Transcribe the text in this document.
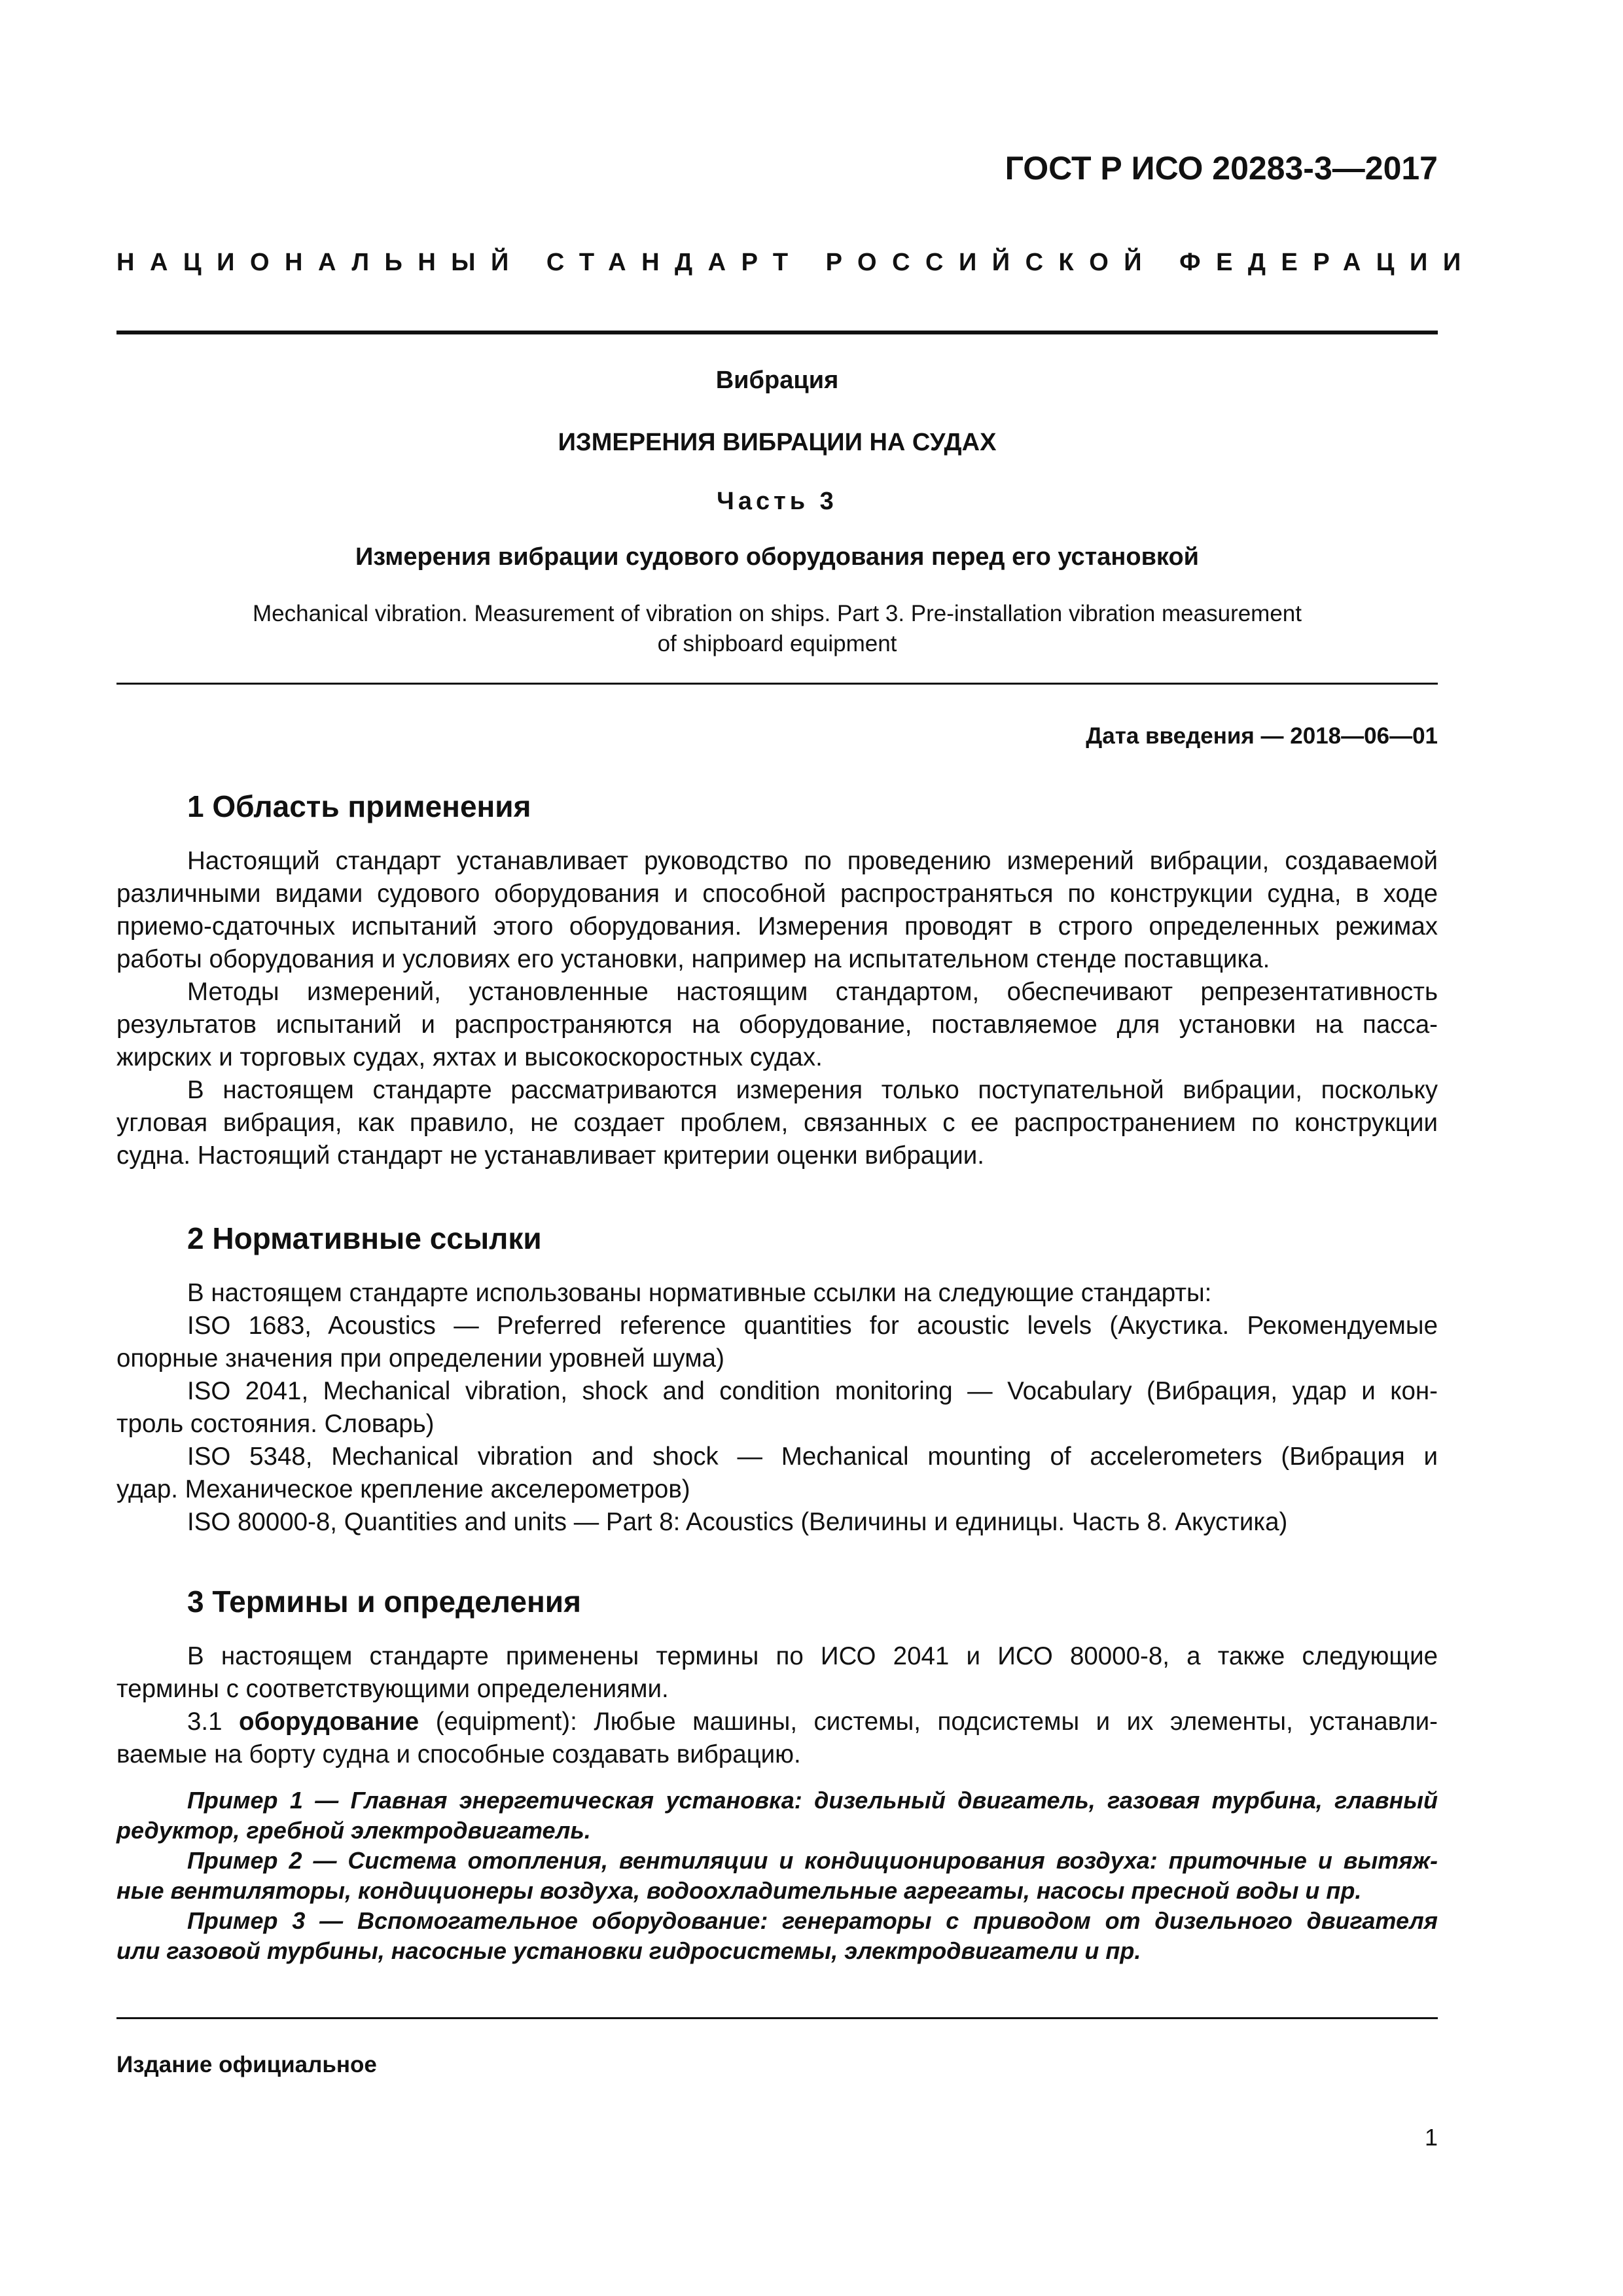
ГОСТ Р ИСО 20283-3—2017
НАЦИОНАЛЬНЫЙ СТАНДАРТ РОССИЙСКОЙ ФЕДЕРАЦИИ
Вибрация
ИЗМЕРЕНИЯ ВИБРАЦИИ НА СУДАХ
Часть 3
Измерения вибрации судового оборудования перед его установкой
Mechanical vibration. Measurement of vibration on ships. Part 3. Pre-installation vibration measurement
of shipboard equipment
Дата введения — 2018—06—01
1 Область применения
Настоящий стандарт устанавливает руководство по проведению измерений вибрации, создаваемой
различными видами судового оборудования и способной распространяться по конструкции судна, в ходе
приемо-сдаточных испытаний этого оборудования. Измерения проводят в строго определенных режимах
работы оборудования и условиях его установки, например на испытательном стенде поставщика.
Методы измерений, установленные настоящим стандартом, обеспечивают репрезентативность
результатов испытаний и распространяются на оборудование, поставляемое для установки на пасса-
жирских и торговых судах, яхтах и высокоскоростных судах.
В настоящем стандарте рассматриваются измерения только поступательной вибрации, поскольку
угловая вибрация, как правило, не создает проблем, связанных с ее распространением по конструкции
судна. Настоящий стандарт не устанавливает критерии оценки вибрации.
2 Нормативные ссылки
В настоящем стандарте использованы нормативные ссылки на следующие стандарты:
ISO 1683, Acoustics — Preferred reference quantities for acoustic levels (Акустика. Рекомендуемые
опорные значения при определении уровней шума)
ISO 2041, Mechanical vibration, shock and condition monitoring — Vocabulary (Вибрация, удар и кон-
троль состояния. Словарь)
ISO 5348, Mechanical vibration and shock — Mechanical mounting of accelerometers (Вибрация и
удар. Механическое крепление акселерометров)
ISO 80000-8, Quantities and units — Part 8: Acoustics (Величины и единицы. Часть 8. Акустика)
3 Термины и определения
В настоящем стандарте применены термины по ИСО 2041 и ИСО 80000-8, а также следующие
термины с соответствующими определениями.
3.1 оборудование (equipment): Любые машины, системы, подсистемы и их элементы, устанавли-
ваемые на борту судна и способные создавать вибрацию.
Пример 1 — Главная энергетическая установка: дизельный двигатель, газовая турбина, главный
редуктор, гребной электродвигатель.
Пример 2 — Система отопления, вентиляции и кондиционирования воздуха: приточные и вытяж-
ные вентиляторы, кондиционеры воздуха, водоохладительные агрегаты, насосы пресной воды и пр.
Пример 3 — Вспомогательное оборудование: генераторы с приводом от дизельного двигателя
или газовой турбины, насосные установки гидросистемы, электродвигатели и пр.
Издание официальное
1
